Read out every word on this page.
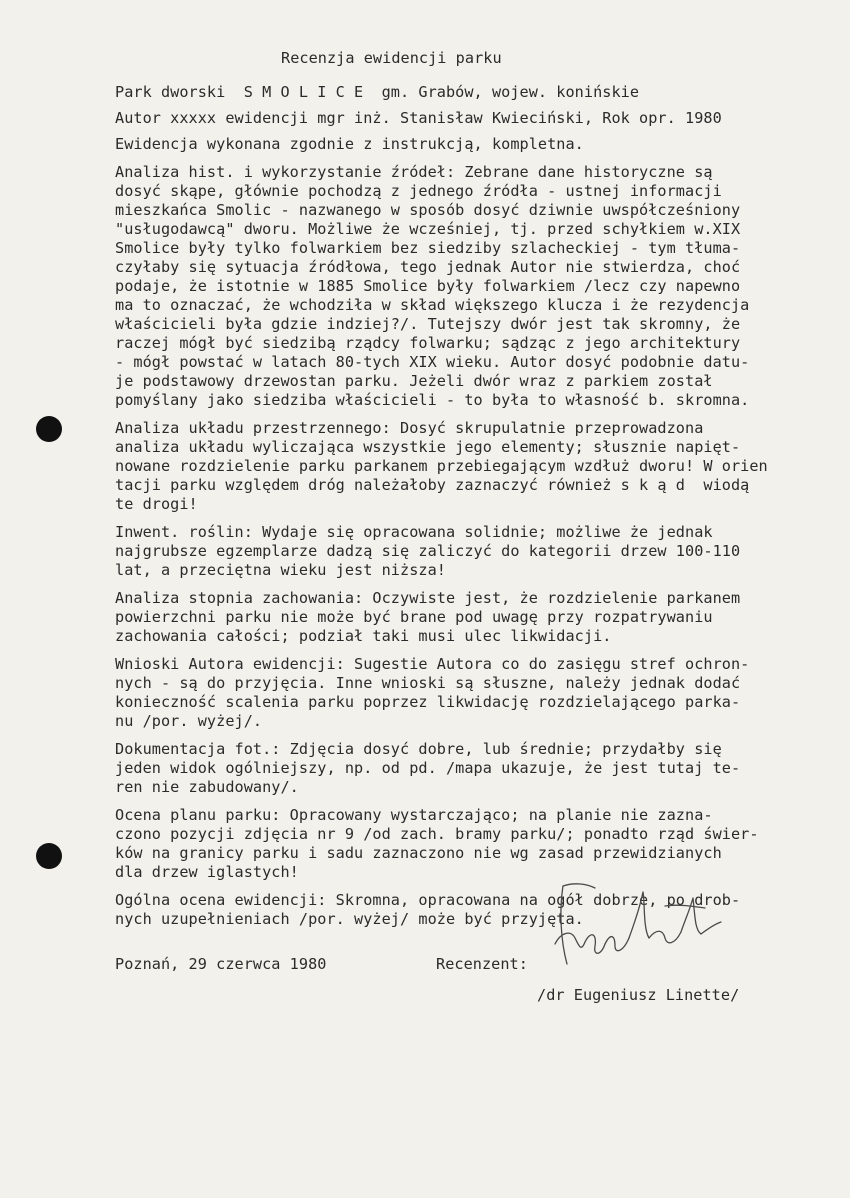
Recenzja ewidencji parku
Park dworski  S M O L I C E  gm. Grabów, wojew. konińskie
Autor xxxxx ewidencji mgr inż. Stanisław Kwieciński, Rok opr. 1980
Ewidencja wykonana zgodnie z instrukcją, kompletna.
Analiza hist. i wykorzystanie źródeł: Zebrane dane historyczne są
dosyć skąpe, głównie pochodzą z jednego źródła - ustnej informacji
mieszkańca Smolic - nazwanego w sposób dosyć dziwnie uwspółcześniony
"usługodawcą" dworu. Możliwe że wcześniej, tj. przed schyłkiem w.XIX
Smolice były tylko folwarkiem bez siedziby szlacheckiej - tym tłuma-
czyłaby się sytuacja źródłowa, tego jednak Autor nie stwierdza, choć
podaje, że istotnie w 1885 Smolice były folwarkiem /lecz czy napewno
ma to oznaczać, że wchodziła w skład większego klucza i że rezydencja
właścicieli była gdzie indziej?/. Tutejszy dwór jest tak skromny, że
raczej mógł być siedzibą rządcy folwarku; sądząc z jego architektury
- mógł powstać w latach 80-tych XIX wieku. Autor dosyć podobnie datu-
je podstawowy drzewostan parku. Jeżeli dwór wraz z parkiem został
pomyślany jako siedziba właścicieli - to była to własność b. skromna.
Analiza układu przestrzennego: Dosyć skrupulatnie przeprowadzona
analiza układu wyliczająca wszystkie jego elementy; słusznie napięt-
nowane rozdzielenie parku parkanem przebiegającym wzdłuż dworu! W orien
tacji parku względem dróg należałoby zaznaczyć również s k ą d  wiodą
te drogi!
Inwent. roślin: Wydaje się opracowana solidnie; możliwe że jednak
najgrubsze egzemplarze dadzą się zaliczyć do kategorii drzew 100-110
lat, a przeciętna wieku jest niższa!
Analiza stopnia zachowania: Oczywiste jest, że rozdzielenie parkanem
powierzchni parku nie może być brane pod uwagę przy rozpatrywaniu
zachowania całości; podział taki musi ulec likwidacji.
Wnioski Autora ewidencji: Sugestie Autora co do zasięgu stref ochron-
nych - są do przyjęcia. Inne wnioski są słuszne, należy jednak dodać
konieczność scalenia parku poprzez likwidację rozdzielającego parka-
nu /por. wyżej/.
Dokumentacja fot.: Zdjęcia dosyć dobre, lub średnie; przydałby się
jeden widok ogólniejszy, np. od pd. /mapa ukazuje, że jest tutaj te-
ren nie zabudowany/.
Ocena planu parku: Opracowany wystarczająco; na planie nie zazna-
czono pozycji zdjęcia nr 9 /od zach. bramy parku/; ponadto rząd świer-
ków na granicy parku i sadu zaznaczono nie wg zasad przewidzianych
dla drzew iglastych!
Ogólna ocena ewidencji: Skromna, opracowana na ogół dobrze, po drob-
nych uzupełnieniach /por. wyżej/ może być przyjęta.
Poznań, 29 czerwca 1980	Recenzent:
/dr Eugeniusz Linette/
